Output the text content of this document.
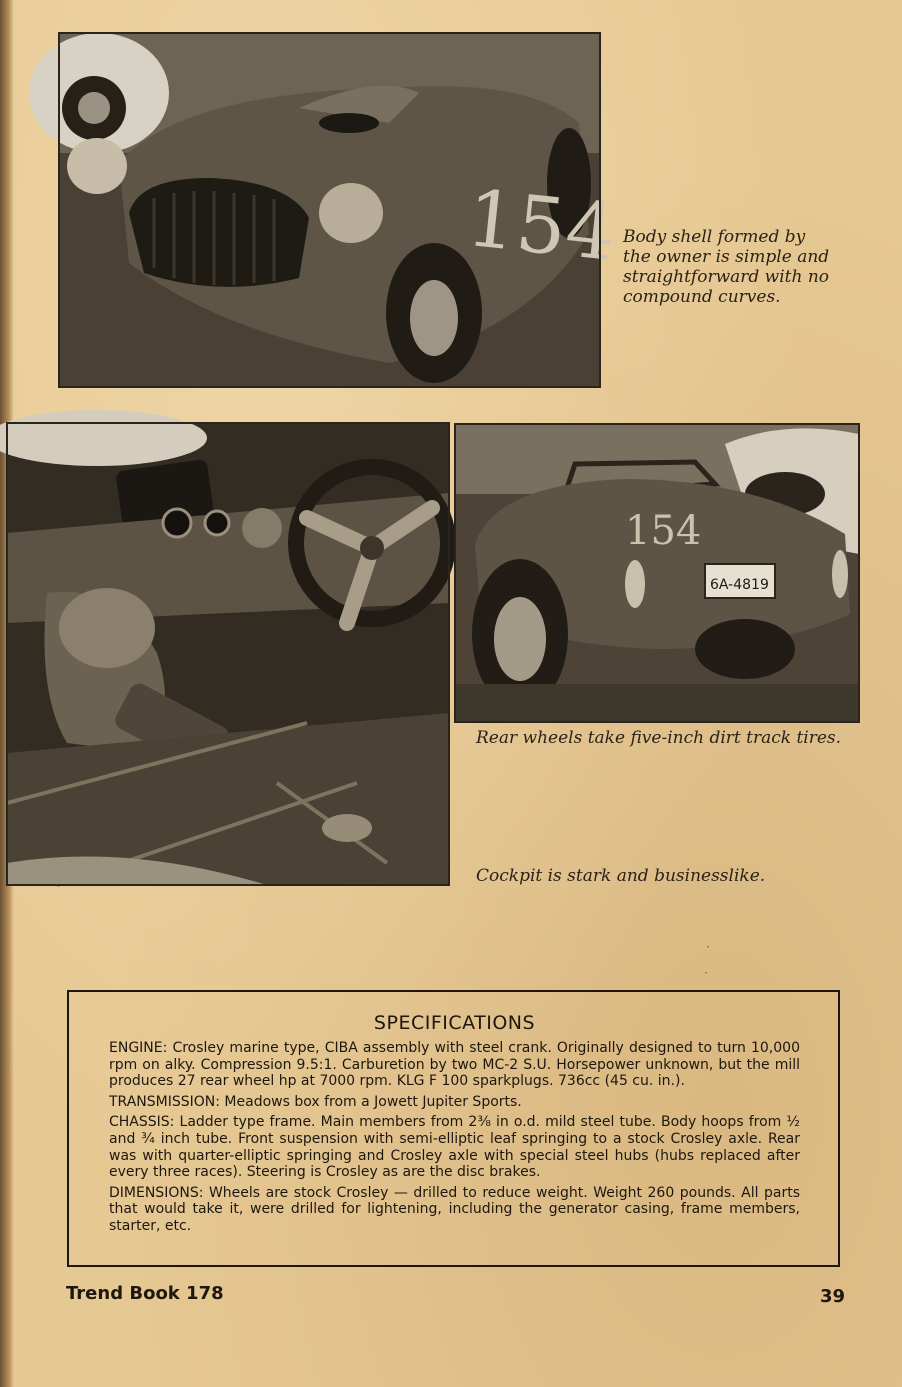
154 Body shell formed by the owner is simple and straightforward with no compound curves.
Cockpit is stark and businesslike.
154
6A-4819
Rear wheels take five-inch dirt track tires.
·
·
SPECIFICATIONS

ENGINE: Crosley marine type, CIBA assembly with steel crank. Originally designed to turn 10,000 rpm on alky. Compression 9.5:1. Carburetion by two MC-2 S.U. Horsepower unknown, but the mill produces 27 rear wheel hp at 7000 rpm. KLG F 100 sparkplugs. 736cc (45 cu. in.).

TRANSMISSION: Meadows box from a Jowett Jupiter Sports.

CHASSIS: Ladder type frame. Main members from 2⅜ in o.d. mild steel tube. Body hoops from ½ and ¾ inch tube. Front suspension with semi-elliptic leaf springing to a stock Crosley axle. Rear was with quarter-elliptic springing and Crosley axle with special steel hubs (hubs replaced after every three races). Steering is Crosley as are the disc brakes.

DIMENSIONS: Wheels are stock Crosley — drilled to reduce weight. Weight 260 pounds. All parts that would take it, were drilled for lightening, including the generator casing, frame members, starter, etc.

Trend Book 178	39
